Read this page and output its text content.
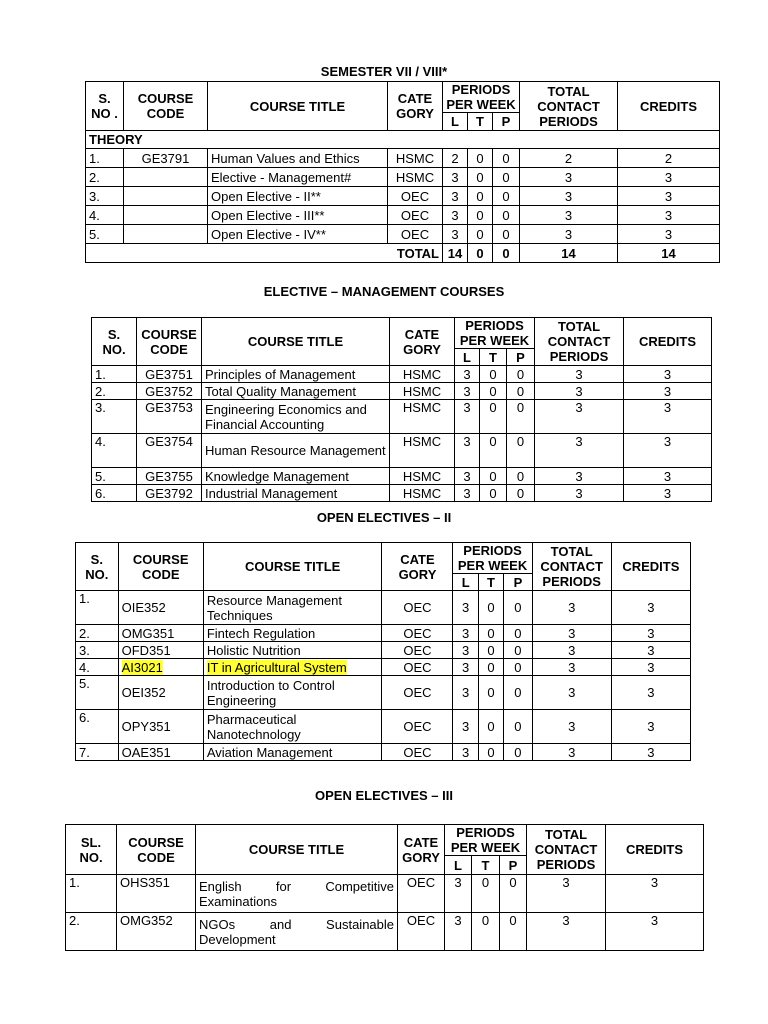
SEMESTER VII / VIII*
S. NO .	COURSE CODE	COURSE TITLE	CATE GORY	PERIODS PER WEEK			TOTAL CONTACT PERIODS	CREDITS
				L	T	P		
THEORY								
1.	GE3791	Human Values and Ethics	HSMC	2	0	0	2	2
2.		Elective - Management#	HSMC	3	0	0	3	3
3.		Open Elective - II**	OEC	3	0	0	3	3
4.		Open Elective - III**	OEC	3	0	0	3	3
5.		Open Elective - IV**	OEC	3	0	0	3	3
TOTAL				14	0	0	14	14
ELECTIVE – MANAGEMENT COURSES
S. NO.	COURSE CODE	COURSE TITLE	CATE GORY	PERIODS PER WEEK			TOTAL CONTACT PERIODS	CREDITS
				L	T	P		
1.	GE3751	Principles of Management	HSMC	3	0	0	3	3
2.	GE3752	Total Quality Management	HSMC	3	0	0	3	3
3.	GE3753	Engineering Economics and Financial Accounting	HSMC	3	0	0	3	3
4.	GE3754	Human Resource Management	HSMC	3	0	0	3	3
5.	GE3755	Knowledge Management	HSMC	3	0	0	3	3
6.	GE3792	Industrial Management	HSMC	3	0	0	3	3
OPEN ELECTIVES – II
S. NO.	COURSE CODE	COURSE TITLE	CATE GORY	PERIODS PER WEEK			TOTAL CONTACT PERIODS	CREDITS
				L	T	P		
1.	OIE352	Resource Management Techniques	OEC	3	0	0	3	3
2.	OMG351	Fintech Regulation	OEC	3	0	0	3	3
3.	OFD351	Holistic Nutrition	OEC	3	0	0	3	3
4.	AI3021	IT in Agricultural System	OEC	3	0	0	3	3
5.	OEI352	Introduction to Control Engineering	OEC	3	0	0	3	3
6.	OPY351	Pharmaceutical Nanotechnology	OEC	3	0	0	3	3
7.	OAE351	Aviation Management	OEC	3	0	0	3	3
OPEN ELECTIVES – III
SL. NO.	COURSE CODE	COURSE TITLE	CATE GORY	PERIODS PER WEEK			TOTAL CONTACT PERIODS	CREDITS
				L	T	P		
1.	OHS351	English for Competitive Examinations	OEC	3	0	0	3	3
2.	OMG352	NGOs and Sustainable Development	OEC	3	0	0	3	3
